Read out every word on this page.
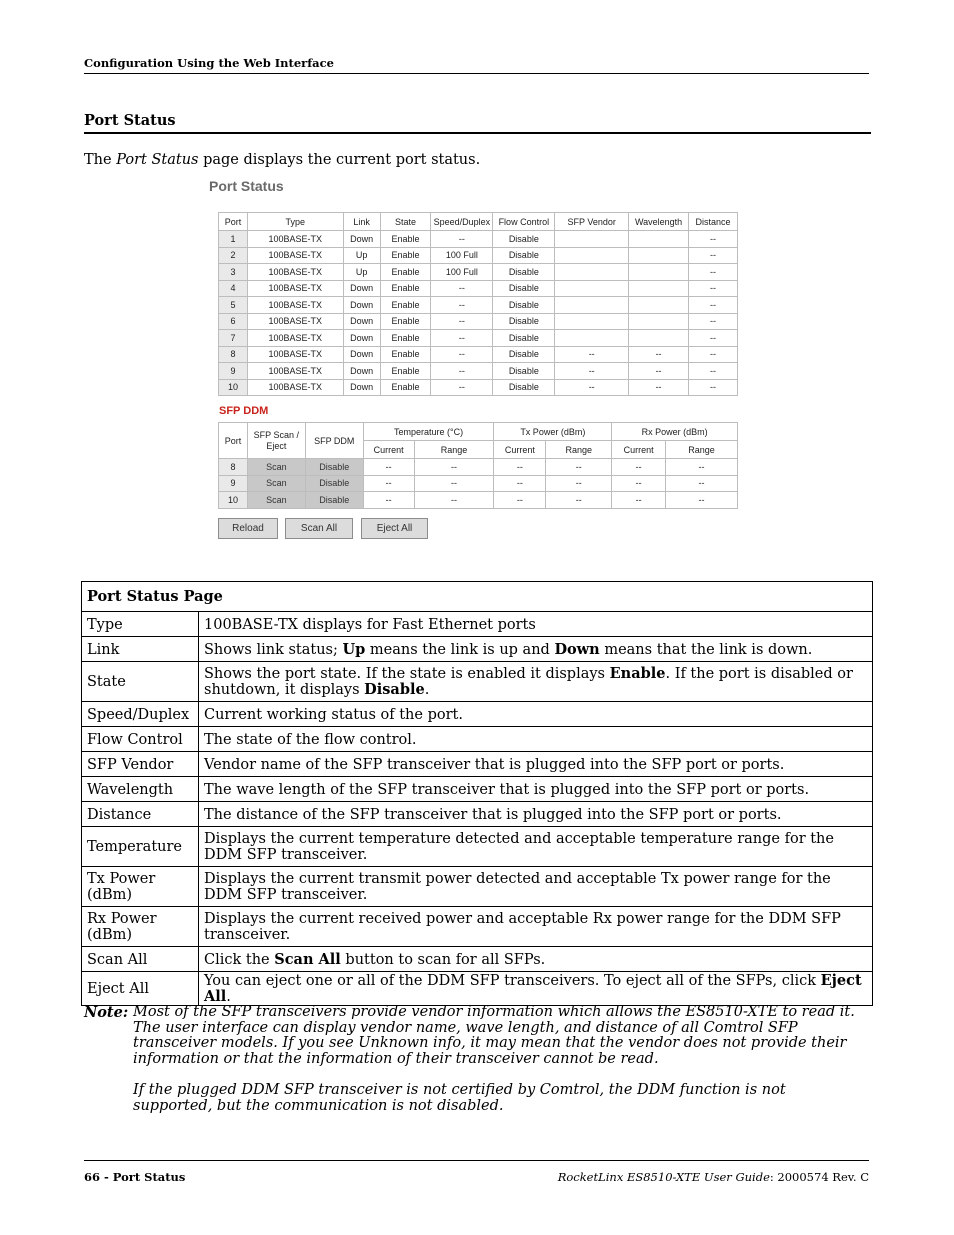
Configuration Using the Web Interface
Port Status
The Port Status page displays the current port status.
Port Status
Port	Type	Link	State	Speed/Duplex	Flow Control	SFP Vendor	Wavelength	Distance
1	100BASE-TX	Down	Enable	--	Disable			--
2	100BASE-TX	Up	Enable	100 Full	Disable			--
3	100BASE-TX	Up	Enable	100 Full	Disable			--
4	100BASE-TX	Down	Enable	--	Disable			--
5	100BASE-TX	Down	Enable	--	Disable			--
6	100BASE-TX	Down	Enable	--	Disable			--
7	100BASE-TX	Down	Enable	--	Disable			--
8	100BASE-TX	Down	Enable	--	Disable	--	--	--
9	100BASE-TX	Down	Enable	--	Disable	--	--	--
10	100BASE-TX	Down	Enable	--	Disable	--	--	--
SFP DDM
Port	SFP Scan / Eject	SFP DDM	Temperature (°C)		Tx Power (dBm)		Rx Power (dBm)	
			Current	Range	Current	Range	Current	Range
8	Scan	Disable	--	--	--	--	--	--
9	Scan	Disable	--	--	--	--	--	--
10	Scan	Disable	--	--	--	--	--	--
Reload	Scan All	Eject All
Port Status Page	
Type	100BASE-TX displays for Fast Ethernet ports
Link	Shows link status; Up means the link is up and Down means that the link is down.
State	Shows the port state. If the state is enabled it displays Enable. If the port is disabled or shutdown, it displays Disable.
Speed/Duplex	Current working status of the port.
Flow Control	The state of the flow control.
SFP Vendor	Vendor name of the SFP transceiver that is plugged into the SFP port or ports.
Wavelength	The wave length of the SFP transceiver that is plugged into the SFP port or ports.
Distance	The distance of the SFP transceiver that is plugged into the SFP port or ports.
Temperature	Displays the current temperature detected and acceptable temperature range for the DDM SFP transceiver.
Tx Power (dBm)	Displays the current transmit power detected and acceptable Tx power range for the DDM SFP transceiver.
Rx Power (dBm)	Displays the current received power and acceptable Rx power range for the DDM SFP transceiver.
Scan All	Click the Scan All button to scan for all SFPs.
Eject All	You can eject one or all of the DDM SFP transceivers. To eject all of the SFPs, click Eject All.
Note: Most of the SFP transceivers provide vendor information which allows the ES8510-XTE to read it. The user interface can display vendor name, wave length, and distance of all Comtrol SFP transceiver models. If you see Unknown info, it may mean that the vendor does not provide their information or that the information of their transceiver cannot be read.

If the plugged DDM SFP transceiver is not certified by Comtrol, the DDM function is not supported, but the communication is not disabled.

66 - Port Status	RocketLinx ES8510-XTE User Guide: 2000574 Rev. C
